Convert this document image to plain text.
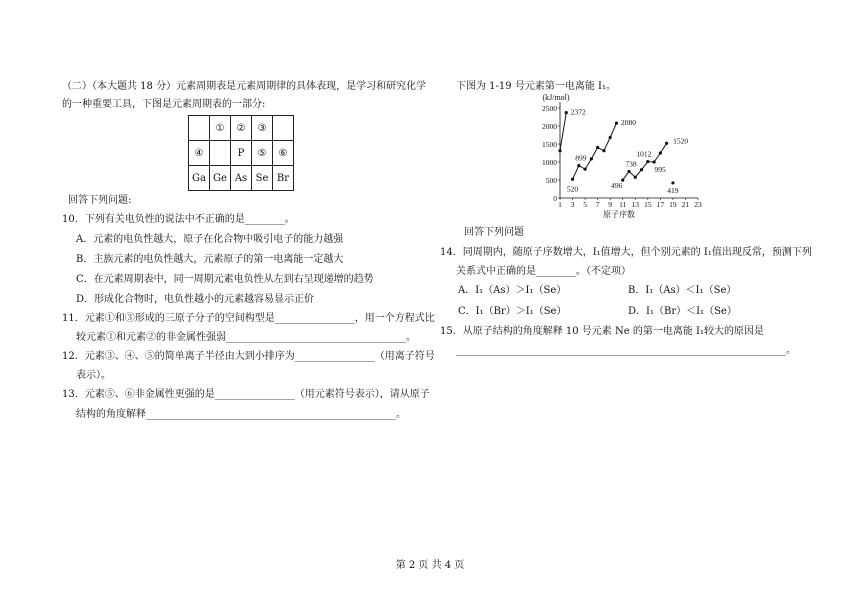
（二）（本大题共 18 分）元素周期表是元素周期律的具体表现，是学习和研究化学
的一种重要工具，下图是元素周期表的一部分:
	①	②	③	
④		P	⑤	⑥
Ga	Ge	As	Se	Br
回答下列问题:
10．下列有关电负性的说法中不正确的是________。
A．元素的电负性越大，原子在化合物中吸引电子的能力越强
B．主族元素的电负性越大，元素原子的第一电离能一定越大
C．在元素周期表中，同一周期元素电负性从左到右呈现递增的趋势
D．形成化合物时，电负性越小的元素越容易显示正价
11．元素①和③形成的三原子分子的空间构型是________________，用一个方程式比
较元素①和元素②的非金属性强弱____________________________________。
12．元素③、④、⑤的简单离子半径由大到小排序为________________（用离子符号
表示）。
13．元素⑤、⑥非金属性更强的是________________（用元素符号表示），请从原子
结构的角度解释__________________________________________________。
下图为 1-19 号元素第一电离能 I₁。
(kJ/mol)
0
500
1000
1500
2000
2500
1 3 5 7 9 11 13 15 17 19 21 23
原子序数
2372
520
899
2080
496
738
1012
995
1520
419
回答下列问题
14．同周期内，随原子序数增大，I₁值增大，但个别元素的 I₁值出现反常，预测下列
关系式中正确的是________。（不定项）
A．I₁（As）＞I₁（Se）	B．I₁（As）＜I₁（Se）
C．I₁（Br）＞I₁（Se）	D．I₁（Br）＜I₁（Se）
15．从原子结构的角度解释 10 号元素 Ne 的第一电离能 I₁较大的原因是
__________________________________________________________________。
第 2 页 共 4 页
